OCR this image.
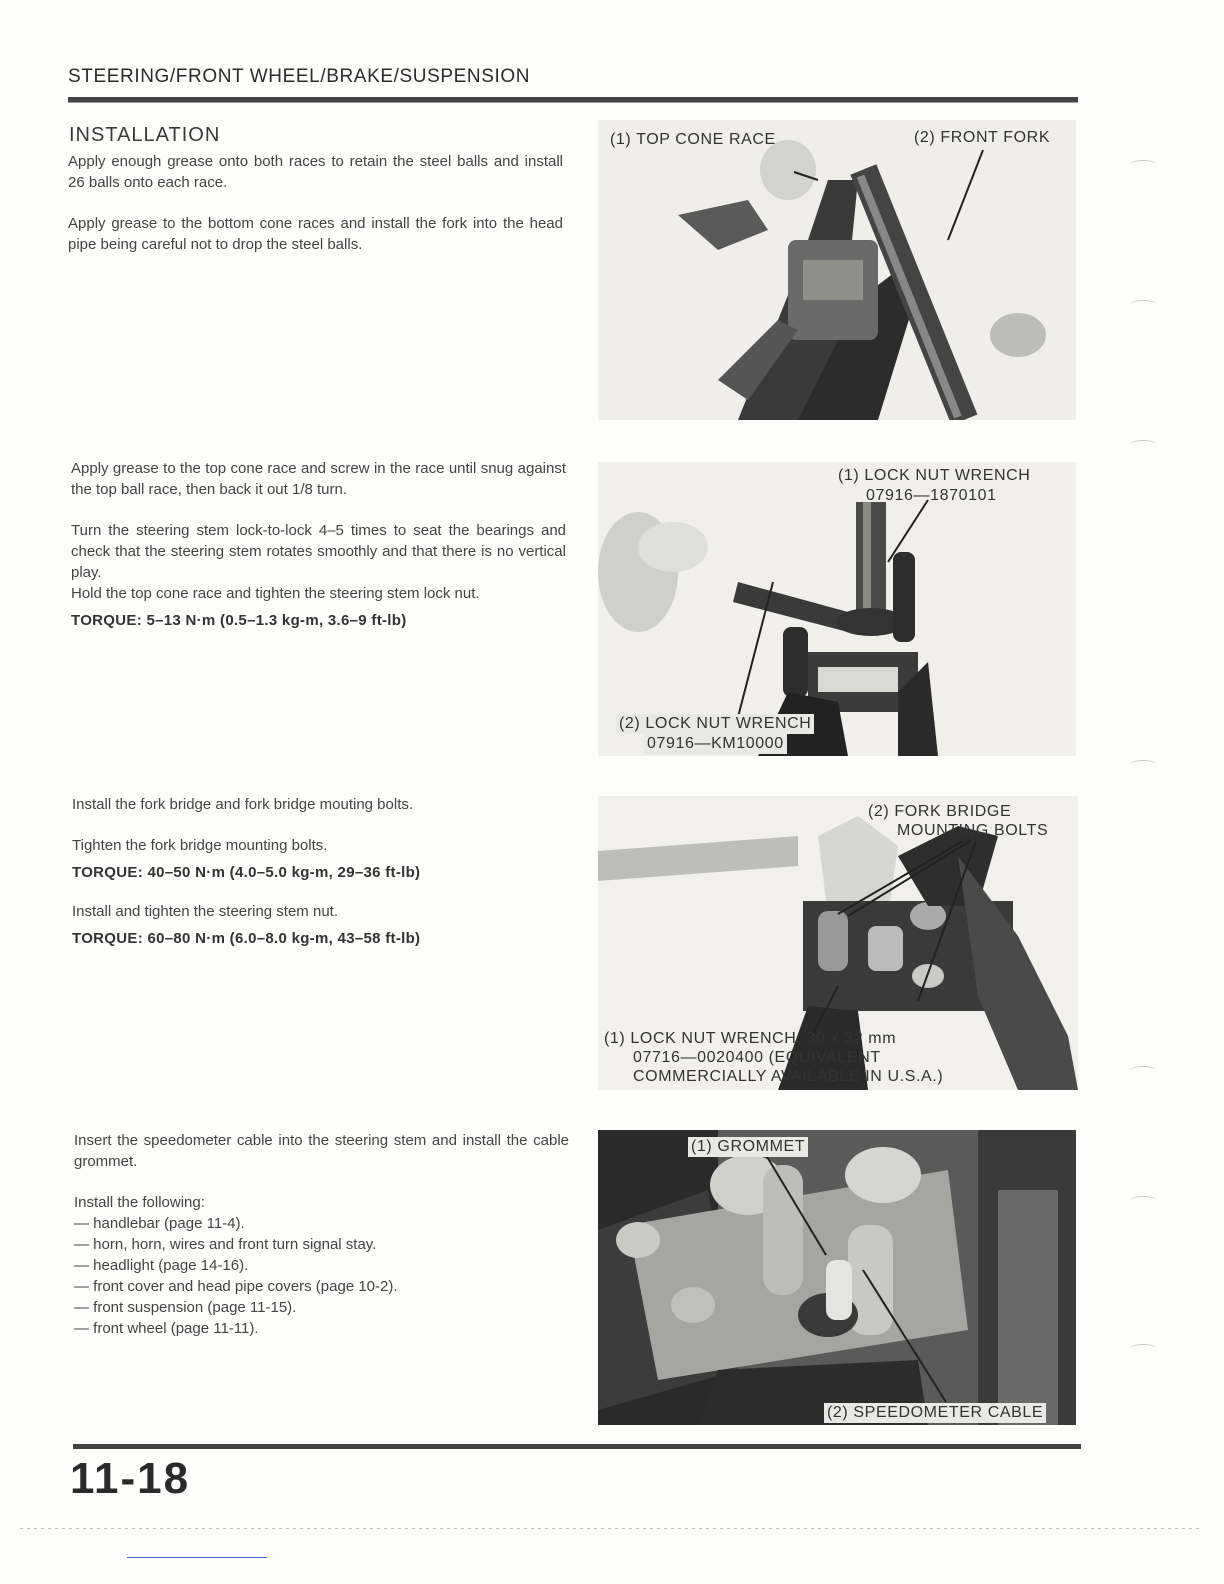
STEERING/FRONT WHEEL/BRAKE/SUSPENSION
INSTALLATION

Apply enough grease onto both races to retain the steel balls and install 26 balls onto each race.

Apply grease to the bottom cone races and install the fork into the head pipe being careful not to drop the steel balls.

Apply grease to the top cone race and screw in the race until snug against the top ball race, then back it out 1/8 turn.

Turn the steering stem lock-to-lock 4–5 times to seat the bearings and check that the steering stem rotates smoothly and that there is no vertical play.

Hold the top cone race and tighten the steering stem lock nut.

TORQUE: 5–13 N·m (0.5–1.3 kg-m, 3.6–9 ft-lb)

Install the fork bridge and fork bridge mouting bolts.

Tighten the fork bridge mounting bolts.

TORQUE: 40–50 N·m (4.0–5.0 kg-m, 29–36 ft-lb)

Install and tighten the steering stem nut.

TORQUE: 60–80 N·m (6.0–8.0 kg-m, 43–58 ft-lb)

Insert the speedometer cable into the steering stem and install the cable grommet.

Install the following:

— handlebar (page 11-4).
— horn, horn, wires and front turn signal stay.
— headlight (page 14-16).
— front cover and head pipe covers (page 10-2).
— front suspension (page 11-15).
— front wheel (page 11-11).
(1) TOP CONE RACE	(2) FRONT FORK
(1) LOCK NUT WRENCH
07916—1870101
(2) LOCK NUT WRENCH
07916—KM10000
(2) FORK BRIDGE
MOUNTING BOLTS
(1) LOCK NUT WRENCH, 30 x 32 mm
07716—0020400 (EQUIVALENT
COMMERCIALLY AVAILABLE IN U.S.A.)
(1) GROMMET
(2) SPEEDOMETER CABLE
11-18
